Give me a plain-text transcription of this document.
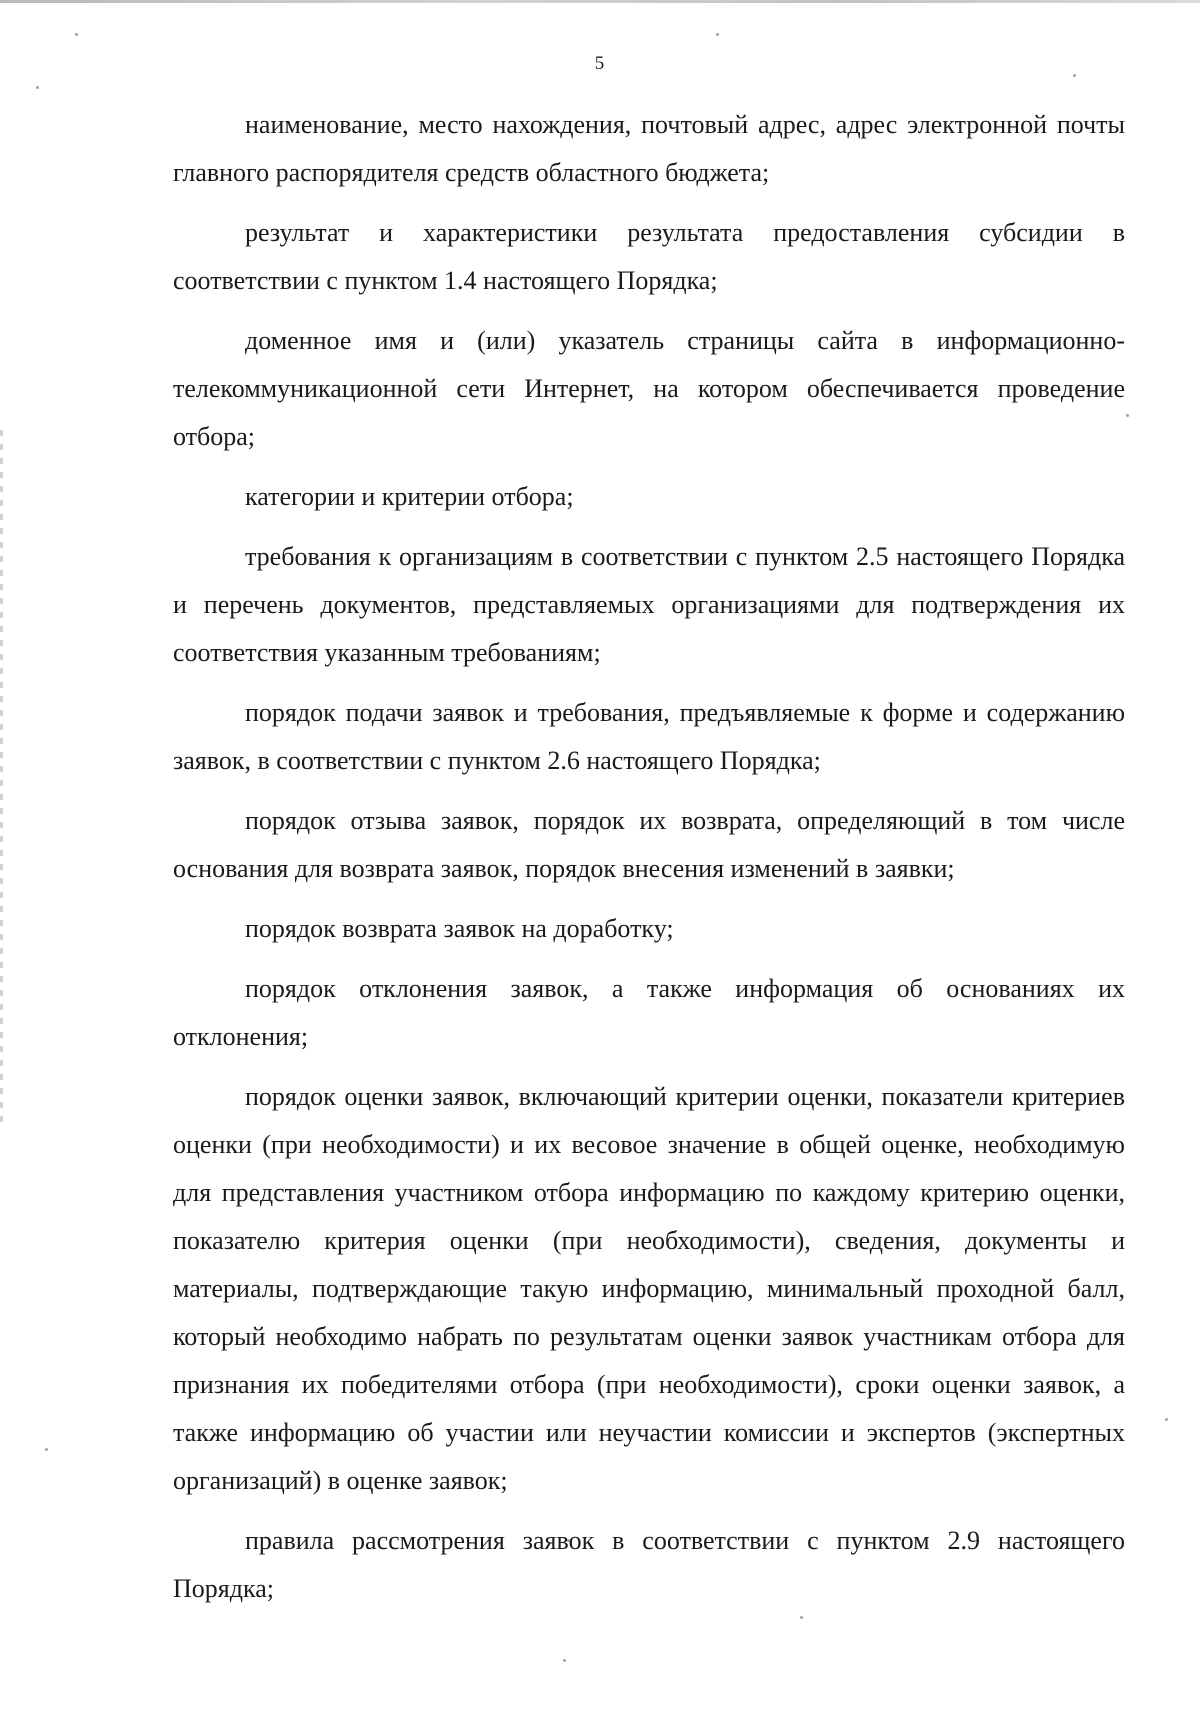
5

наименование, место нахождения, почтовый адрес, адрес электронной почты главного распорядителя средств областного бюджета;

результат и характеристики результата предоставления субсидии в соответствии с пунктом 1.4 настоящего Порядка;

доменное имя и (или) указатель страницы сайта в информационно-телекоммуникационной сети Интернет, на котором обеспечивается проведение отбора;

категории и критерии отбора;

требования к организациям в соответствии с пунктом 2.5 настоящего Порядка и перечень документов, представляемых организациями для подтверждения их соответствия указанным требованиям;

порядок подачи заявок и требования, предъявляемые к форме и содержанию заявок, в соответствии с пунктом 2.6 настоящего Порядка;

порядок отзыва заявок, порядок их возврата, определяющий в том числе основания для возврата заявок, порядок внесения изменений в заявки;

порядок возврата заявок на доработку;

порядок отклонения заявок, а также информация об основаниях их отклонения;

порядок оценки заявок, включающий критерии оценки, показатели критериев оценки (при необходимости) и их весовое значение в общей оценке, необходимую для представления участником отбора информацию по каждому критерию оценки, показателю критерия оценки (при необходимости), сведения, документы и материалы, подтверждающие такую информацию, минимальный проходной балл, который необходимо набрать по результатам оценки заявок участникам отбора для признания их победителями отбора (при необходимости), сроки оценки заявок, а также информацию об участии или неучастии комиссии и экспертов (экспертных организаций) в оценке заявок;

правила рассмотрения заявок в соответствии с пунктом 2.9 настоящего Порядка;
